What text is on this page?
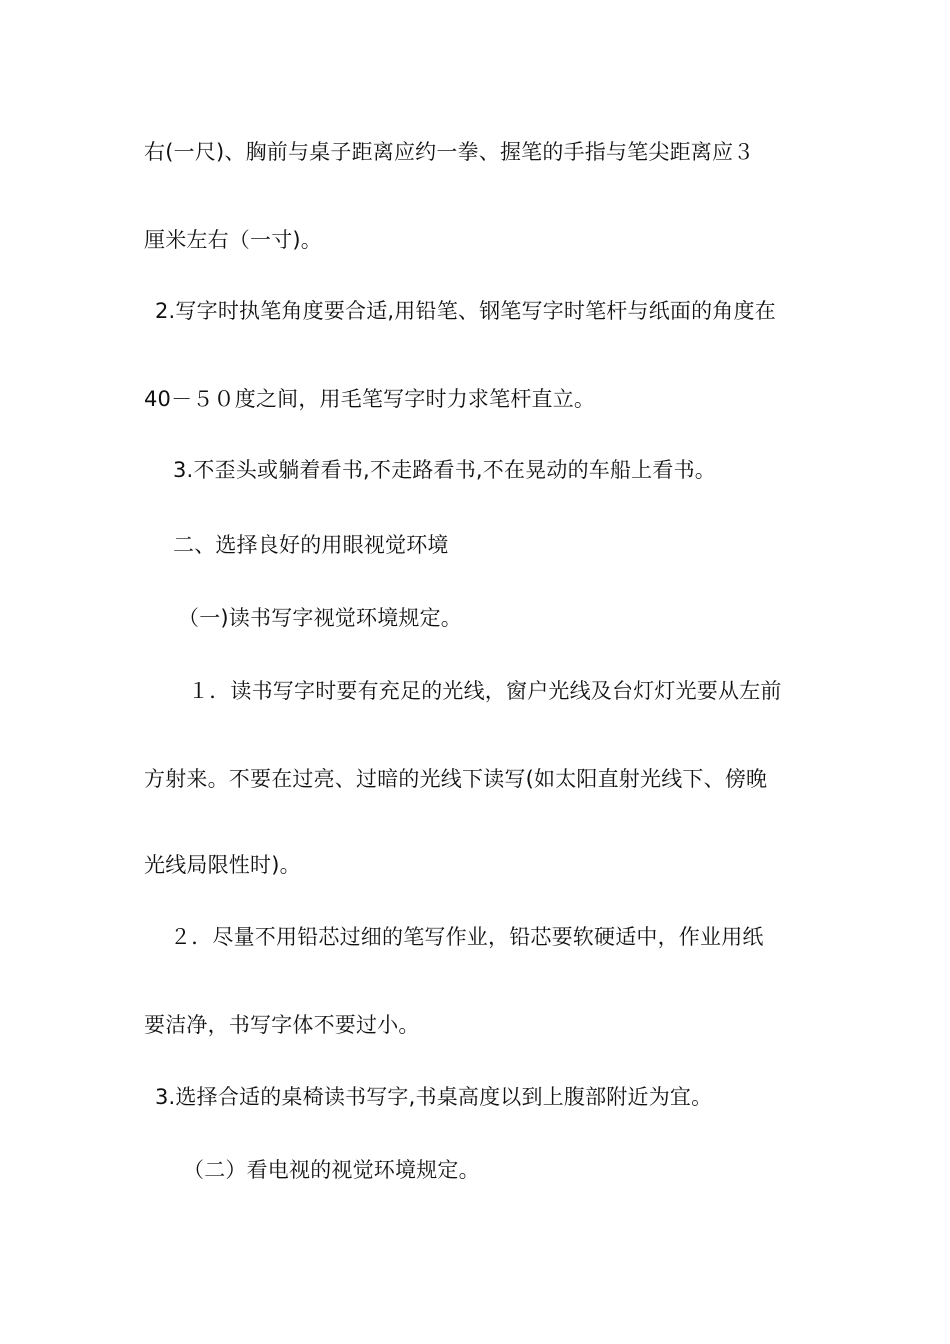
右(一尺)、胸前与桌子距离应约一拳、握笔的手指与笔尖距离应３
厘米左右（一寸)。
2.写字时执笔角度要合适,用铅笔、钢笔写字时笔杆与纸面的角度在
40－５０度之间，用毛笔写字时力求笔杆直立。
3.不歪头或躺着看书,不走路看书,不在晃动的车船上看书。
二、选择良好的用眼视觉环境
（一)读书写字视觉环境规定。
１．读书写字时要有充足的光线，窗户光线及台灯灯光要从左前
方射来。不要在过亮、过暗的光线下读写(如太阳直射光线下、傍晚
光线局限性时)。
２．尽量不用铅芯过细的笔写作业，铅芯要软硬适中，作业用纸
要洁净，书写字体不要过小。
3.选择合适的桌椅读书写字,书桌高度以到上腹部附近为宜。
（二）看电视的视觉环境规定。
